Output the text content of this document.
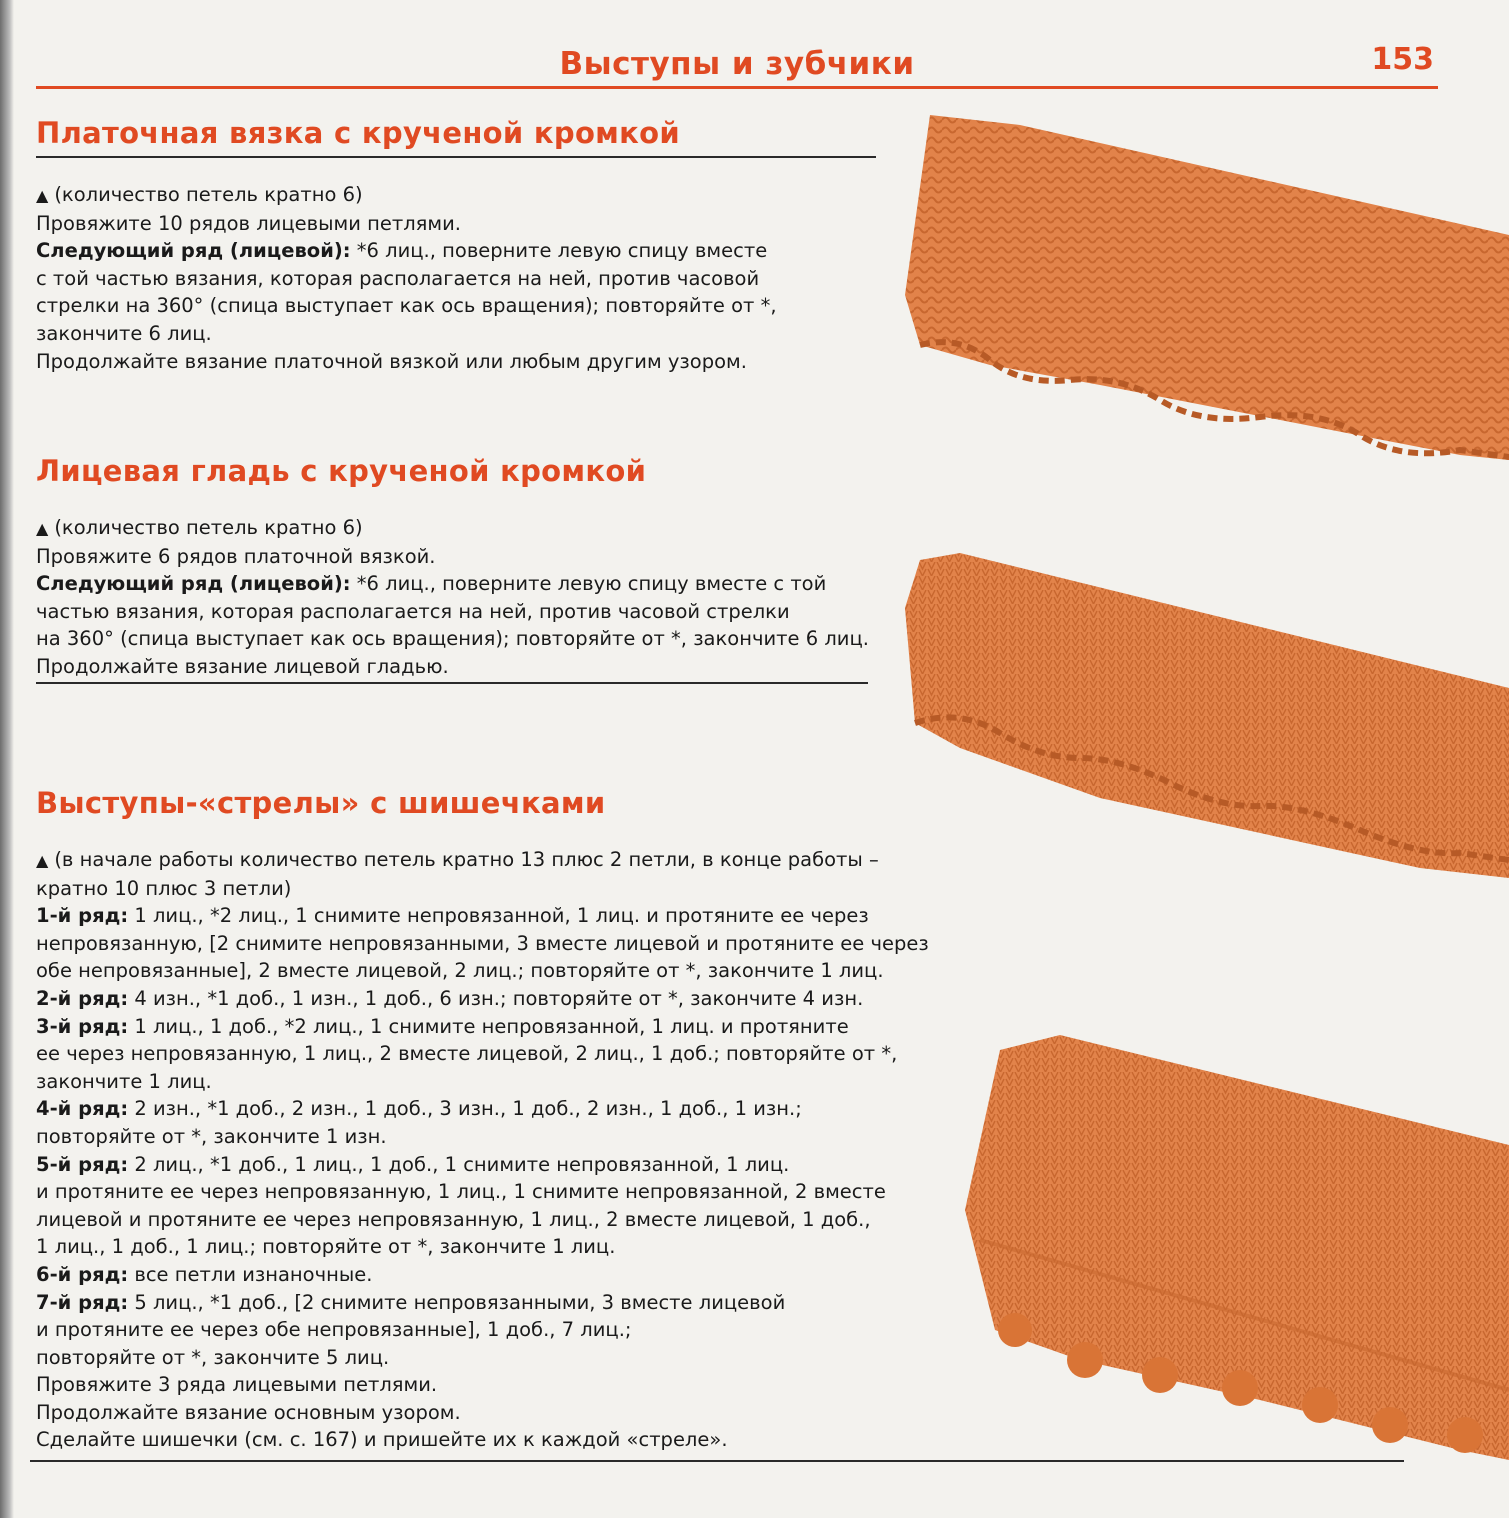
Выступы и зубчики	153
Платочная вязка с крученой кромкой
▲ (количество петель кратно 6)
Провяжите 10 рядов лицевыми петлями.
Следующий ряд (лицевой): *6 лиц., поверните левую спицу вместе
с той частью вязания, которая располагается на ней, против часовой
стрелки на 360° (спица выступает как ось вращения); повторяйте от *,
закончите 6 лиц.
Продолжайте вязание платочной вязкой или любым другим узором.
Лицевая гладь с крученой кромкой
▲ (количество петель кратно 6)
Провяжите 6 рядов платочной вязкой.
Следующий ряд (лицевой): *6 лиц., поверните левую спицу вместе с той
частью вязания, которая располагается на ней, против часовой стрелки
на 360° (спица выступает как ось вращения); повторяйте от *, закончите 6 лиц.
Продолжайте вязание лицевой гладью.
Выступы-«стрелы» с шишечками
▲ (в начале работы количество петель кратно 13 плюс 2 петли, в конце работы –
кратно 10 плюс 3 петли)
1-й ряд: 1 лиц., *2 лиц., 1 снимите непровязанной, 1 лиц. и протяните ее через
непровязанную, [2 снимите непровязанными, 3 вместе лицевой и протяните ее через
обе непровязанные], 2 вместе лицевой, 2 лиц.; повторяйте от *, закончите 1 лиц.
2-й ряд: 4 изн., *1 доб., 1 изн., 1 доб., 6 изн.; повторяйте от *, закончите 4 изн.
3-й ряд: 1 лиц., 1 доб., *2 лиц., 1 снимите непровязанной, 1 лиц. и протяните
ее через непровязанную, 1 лиц., 2 вместе лицевой, 2 лиц., 1 доб.; повторяйте от *,
закончите 1 лиц.
4-й ряд: 2 изн., *1 доб., 2 изн., 1 доб., 3 изн., 1 доб., 2 изн., 1 доб., 1 изн.;
повторяйте от *, закончите 1 изн.
5-й ряд: 2 лиц., *1 доб., 1 лиц., 1 доб., 1 снимите непровязанной, 1 лиц.
и протяните ее через непровязанную, 1 лиц., 1 снимите непровязанной, 2 вместе
лицевой и протяните ее через непровязанную, 1 лиц., 2 вместе лицевой, 1 доб.,
1 лиц., 1 доб., 1 лиц.; повторяйте от *, закончите 1 лиц.
6-й ряд: все петли изнаночные.
7-й ряд: 5 лиц., *1 доб., [2 снимите непровязанными, 3 вместе лицевой
и протяните ее через обе непровязанные], 1 доб., 7 лиц.;
повторяйте от *, закончите 5 лиц.
Провяжите 3 ряда лицевыми петлями.
Продолжайте вязание основным узором.
Сделайте шишечки (см. с. 167) и пришейте их к каждой «стреле».
